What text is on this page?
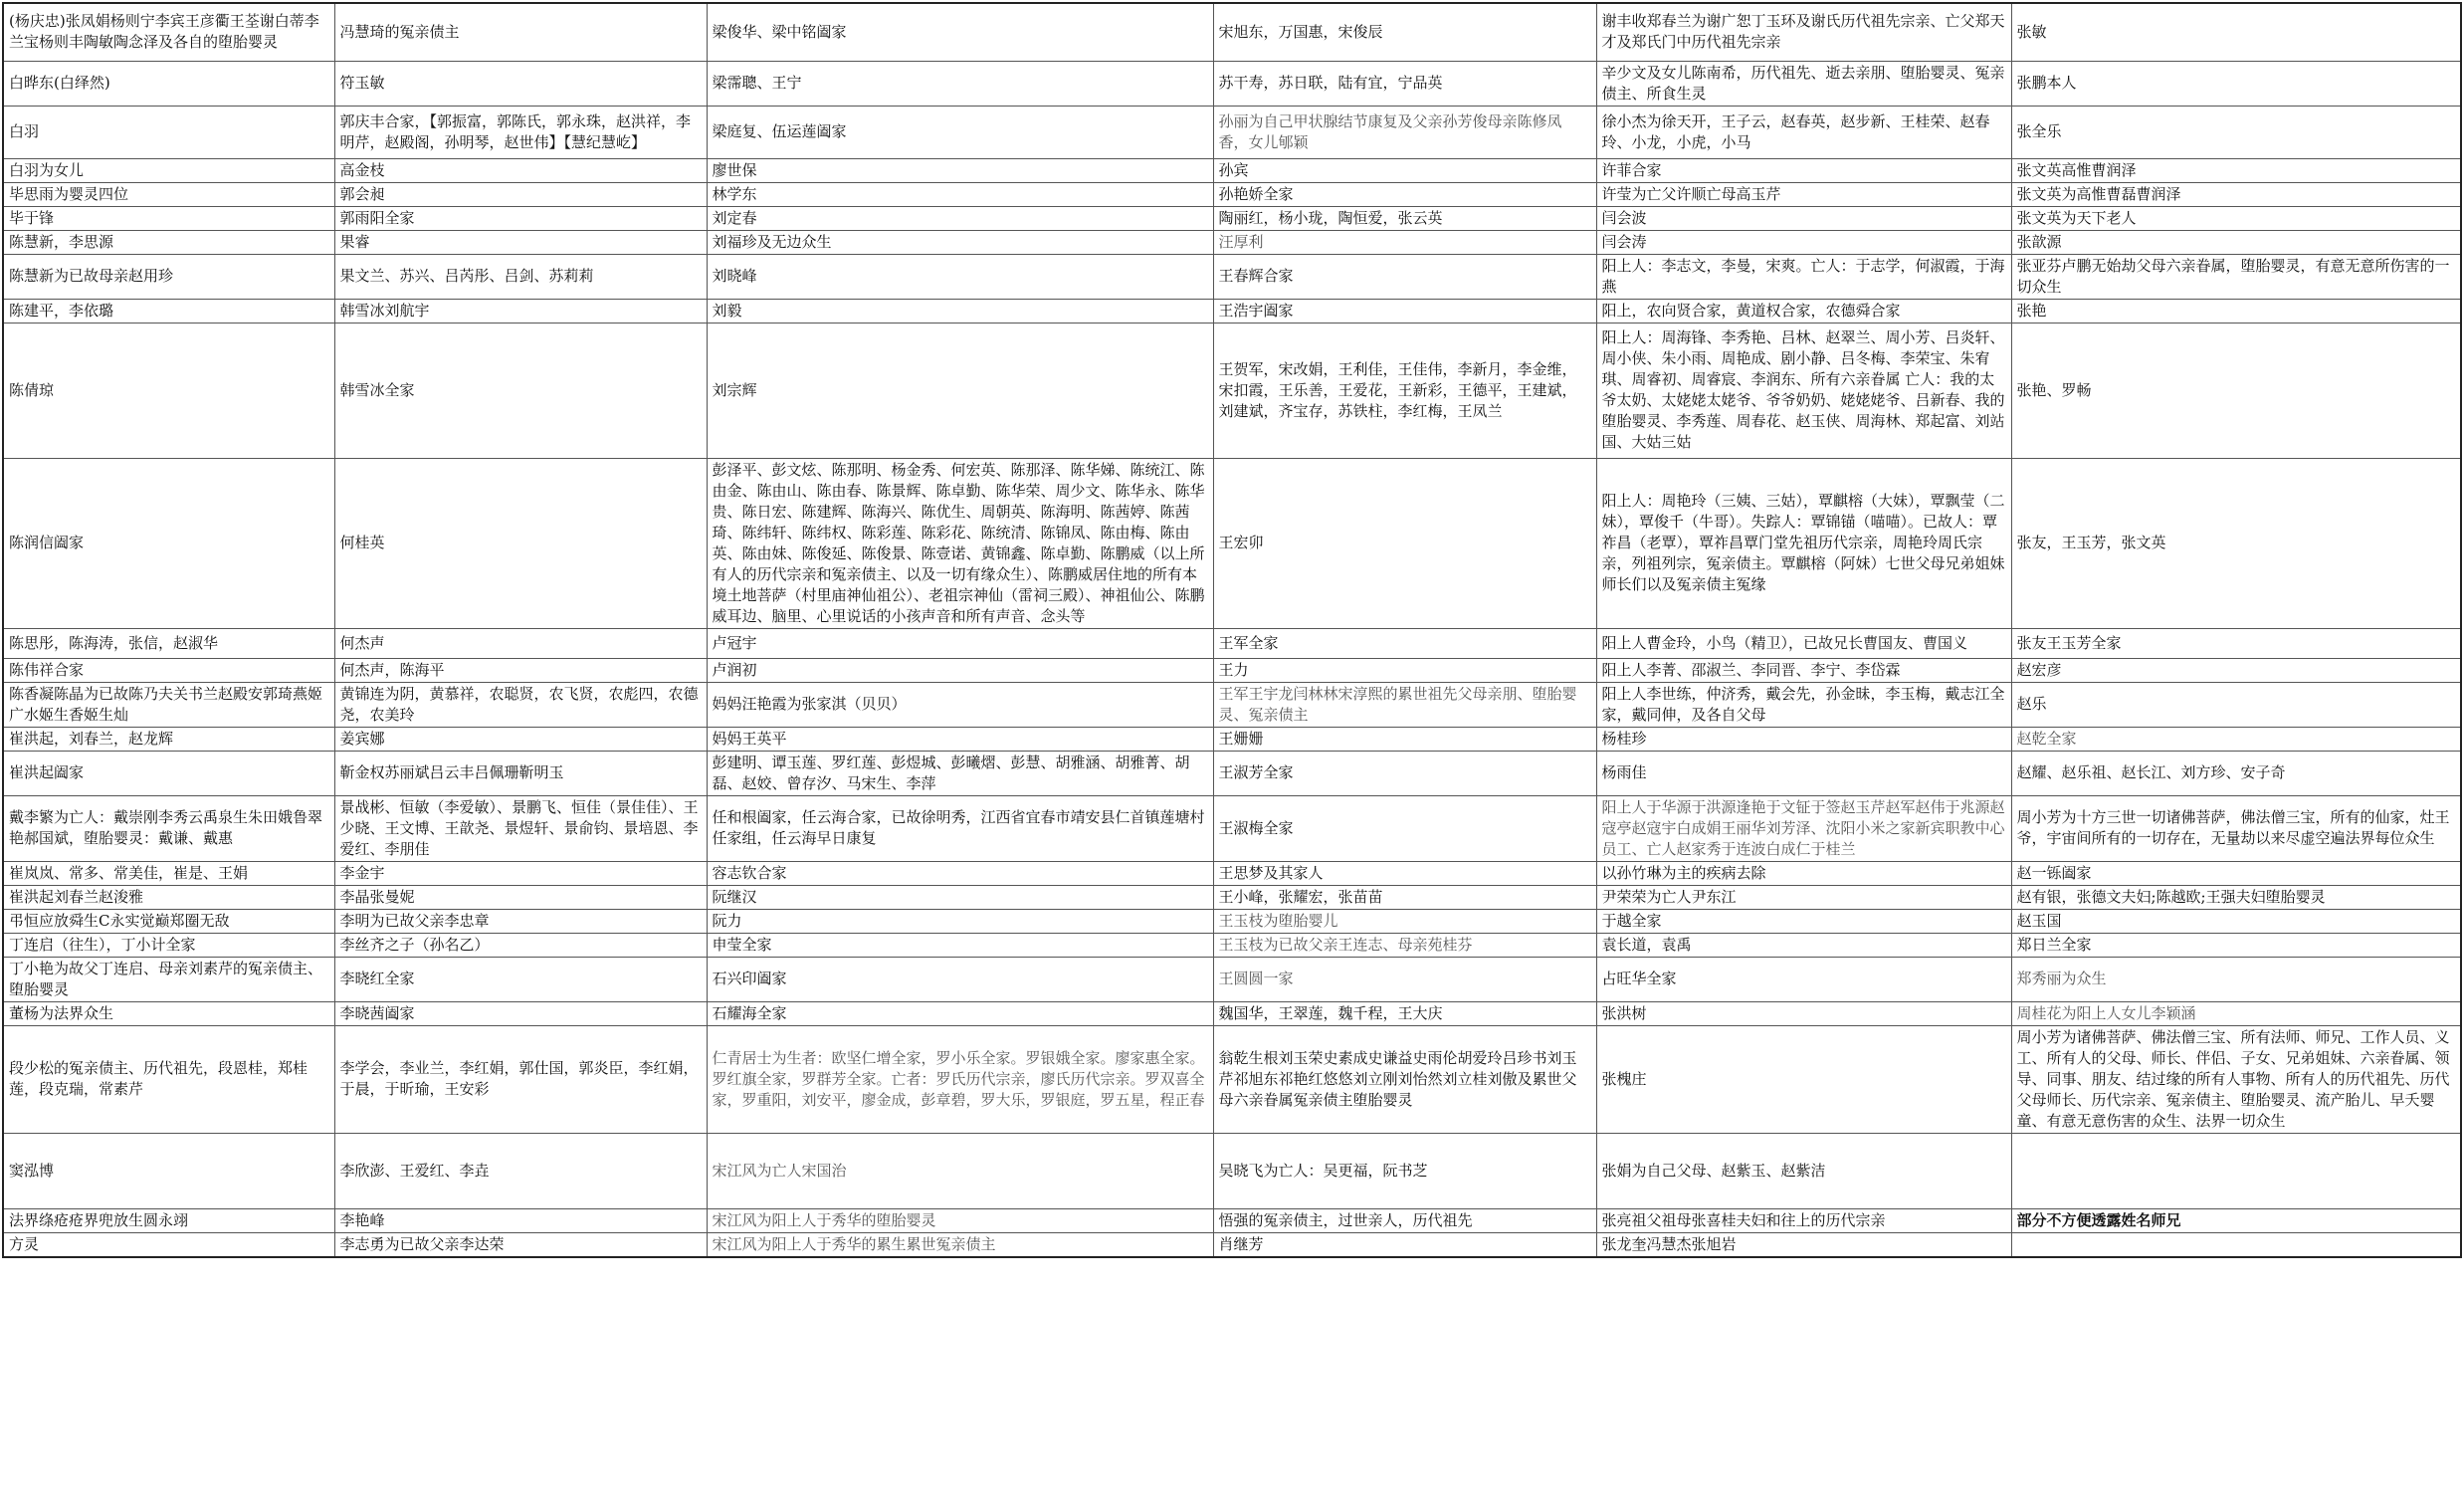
(杨庆忠)张凤娟杨则宁李宾王彦衢王荃谢白蒂李兰宝杨则丰陶敏陶念泽及各自的堕胎婴灵	冯慧琦的冤亲债主	梁俊华、梁中铭阖家	宋旭东，万国惠，宋俊辰	谢丰收郑春兰为谢广恕丁玉环及谢氏历代祖先宗亲、亡父郑天才及郑氏门中历代祖先宗亲	张敏
白晔东(白绎然)	符玉敏	梁霈聰、王宁	苏干寿，苏日联，陆有宜，宁品英	辛少文及女儿陈南希，历代祖先、逝去亲朋、堕胎婴灵、冤亲债主、所食生灵	张鹏本人
白羽	郭庆丰合家，【郭振富，郭陈氏，郭永珠，赵洪祥，李明芹，赵殿阁，孙明琴，赵世伟】【慧纪慧屹】	梁庭复、伍运莲阖家	孙丽为自己甲状腺结节康复及父亲孙芳俊母亲陈修凤香，女儿郇颖	徐小杰为徐天开，王子云，赵春英，赵步新、王桂荣、赵春玲、小龙，小虎，小马	张全乐
白羽为女儿	高金枝	廖世保	孙宾	许菲合家	张文英高惟曹润泽
毕思雨为婴灵四位	郭会昶	林学东	孙艳娇全家	许莹为亡父许顺亡母高玉芹	张文英为高惟曹磊曹润泽
毕于锋	郭雨阳全家	刘定春	陶丽红，杨小珑，陶恒爱，张云英	闫会波	张文英为天下老人
陈慧新，李思源	果睿	刘福珍及无边众生	汪厚利	闫会涛	张歆源
陈慧新为已故母亲赵用珍	果文兰、苏兴、吕芮彤、吕剑、苏莉莉	刘晓峰	王春辉合家	阳上人：李志文，李曼，宋爽。亡人：于志学，何淑霞，于海燕	张亚芬卢鹏无始劫父母六亲眷属，堕胎婴灵，有意无意所伤害的一切众生
陈建平，李依璐	韩雪冰刘航宇	刘毅	王浩宇阖家	阳上，农向贤合家，黄道权合家，农德舜合家	张艳
陈倩琼	韩雪冰全家	刘宗辉	王贺军，宋改娟，王利佳，王佳伟，李新月，李金维，宋扣霞，王乐善，王爱花，王新彩，王德平，王建斌，刘建斌，齐宝存，苏铁柱，李红梅，王凤兰	阳上人：周海锋、李秀艳、吕林、赵翠兰、周小芳、吕炎轩、周小侠、朱小雨、周艳成、剧小静、吕冬梅、李荣宝、朱宥琪、周睿初、周睿宸、李润东、所有六亲眷属 亡人：我的太爷太奶、太姥姥太姥爷、爷爷奶奶、姥姥姥爷、吕新春、我的堕胎婴灵、李秀莲、周春花、赵玉侠、周海林、郑起富、刘站国、大姑三姑	张艳、罗畅
陈润信阖家	何桂英	彭泽平、彭文炫、陈那明、杨金秀、何宏英、陈那泽、陈华娣、陈统江、陈由金、陈由山、陈由春、陈景辉、陈卓勤、陈华荣、周少文、陈华永、陈华贵、陈日宏、陈建辉、陈海兴、陈优生、周朝英、陈海明、陈茜婷、陈茜琦、陈纬轩、陈纬权、陈彩莲、陈彩花、陈统清、陈锦凤、陈由梅、陈由英、陈由妹、陈俊延、陈俊景、陈壹诺、黄锦鑫、陈卓勤、陈鹏威（以上所有人的历代宗亲和冤亲债主、以及一切有缘众生）、陈鹏威居住地的所有本境土地菩萨（村里庙神仙祖公）、老祖宗神仙（雷祠三殿）、神祖仙公、陈鹏威耳边、脑里、心里说话的小孩声音和所有声音、念头等	王宏卯	阳上人：周艳玲（三姨、三姑），覃麒榕（大妹），覃飘莹（二妹），覃俊千（牛哥）。失踪人：覃锦锚（喵喵）。已故人：覃祚昌（老覃），覃祚昌覃门堂先祖历代宗亲，周艳玲周氏宗亲，列祖列宗，冤亲债主。覃麒榕（阿妹）七世父母兄弟姐妹师长们以及冤亲债主冤缘	张友，王玉芳，张文英
陈思彤，陈海涛，张信，赵淑华	何杰声	卢冠宇	王军全家	阳上人曹金玲，小鸟（精卫），已故兄长曹国友、曹国义	张友王玉芳全家
陈伟祥合家	何杰声，陈海平	卢润初	王力	阳上人李菁、邵淑兰、李同晋、李宁、李岱霖	赵宏彦
陈香凝陈晶为已故陈乃夫关书兰赵殿安郭琦燕姬广水姬生香姬生灿	黄锦连为阴，黄慕祥，农聪贤，农飞贤，农彪四，农德尧，农美玲	妈妈汪艳霞为张家淇（贝贝）	王军王宇龙闫林林宋淳熙的累世祖先父母亲朋、堕胎婴灵、冤亲债主	阳上人李世练，仲济秀，戴会先，孙金昧，李玉梅，戴志江全家，戴同伸，及各自父母	赵乐
崔洪起，刘春兰，赵龙辉	姜宾娜	妈妈王英平	王姗姗	杨桂珍	赵乾全家
崔洪起阖家	靳金权苏丽斌吕云丰吕佩珊靳明玉	彭建明、谭玉莲、罗红莲、彭煜城、彭曦熠、彭慧、胡雅涵、胡雅菁、胡磊、赵姣、曾存汐、马宋生、李萍	王淑芳全家	杨雨佳	赵耀、赵乐祖、赵长江、刘方珍、安子奇
戴李繁为亡人：戴崇刚李秀云禹泉生朱田娥鲁翠艳郝国斌，堕胎婴灵：戴谦、戴惠	景战彬、恒敏（李爱敏）、景鹏飞、恒佳（景佳佳）、王少晓、王文博、王歆尧、景煜轩、景俞钧、景培恩、李爱红、李朋佳	任和根阖家，任云海合家，已故徐明秀，江西省宜春市靖安县仁首镇莲塘村任家组，任云海早日康复	王淑梅全家	阳上人于华源于洪源逢艳于文钲于签赵玉芹赵军赵伟于兆源赵寇亭赵寇宇白成娟王丽华刘芳泽、沈阳小米之家新宾职教中心员工、亡人赵家秀于连波白成仁于桂兰	周小芳为十方三世一切诸佛菩萨，佛法僧三宝，所有的仙家，灶王爷，宇宙间所有的一切存在，无量劫以来尽虚空遍法界每位众生
崔岚岚、常多、常美佳，崔是、王娟	李金宇	容志钦合家	王思梦及其家人	以孙竹琳为主的疾病去除	赵一铄阖家
崔洪起刘春兰赵浚雅	李晶张曼妮	阮继汉	王小峰，张耀宏，张苗苗	尹荣荣为亡人尹东江	赵有银，张德文夫妇;陈越欧;王强夫妇堕胎婴灵
弔恒应放舜生C永实觉巅郑圈无敌	李明为已故父亲李忠章	阮力	王玉枝为堕胎婴儿	于越全家	赵玉国
丁连启（往生），丁小计全家	李丝齐之子（孙名乙）	申莹全家	王玉枝为已故父亲王连志、母亲苑桂芬	袁长道，袁禹	郑日兰全家
丁小艳为故父丁连启、母亲刘素芹的冤亲债主、堕胎婴灵	李晓红全家	石兴印阖家	王圆圆一家	占旺华全家	郑秀丽为众生
董杨为法界众生	李晓茜阖家	石耀海全家	魏国华，王翠莲，魏千程，王大庆	张洪树	周桂花为阳上人女儿李颖涵
段少松的冤亲债主、历代祖先，段恩桂，郑桂莲，段克瑞，常素芹	李学会，李业兰，李红娟，郭仕国，郭炎臣，李红娟，于晨，于昕瑜，王安彩	仁青居士为生者：欧坚仁增全家，罗小乐全家。罗银娥全家。廖家惠全家。罗红旗全家，罗群芳全家。亡者：罗氏历代宗亲，廖氏历代宗亲。罗双喜全家，罗重阳，刘安平，廖金成，彭章碧，罗大乐，罗银庭，罗五星，程正春	翁乾生根刘玉荣史素成史谦益史雨伦胡爱玲吕珍书刘玉芹祁旭东祁艳红悠悠刘立刚刘怡然刘立桂刘傲及累世父母六亲眷属冤亲债主堕胎婴灵	张槐庄	周小芳为诸佛菩萨、佛法僧三宝、所有法师、师兄、工作人员、义工、所有人的父母、师长、伴侣、子女、兄弟姐妹、六亲眷属、领导、同事、朋友、结过缘的所有人事物、所有人的历代祖先、历代父母师长、历代宗亲、冤亲债主、堕胎婴灵、流产胎儿、早夭婴童、有意无意伤害的众生、法界一切众生
窦泓博	李欣澎、王爱红、李垚	宋江风为亡人宋国治	吴晓飞为亡人：吴更福，阮书芝	张娟为自己父母、赵紫玉、赵紫洁	
法界绦疮疮界兜放生圆永翊	李艳峰	宋江风为阳上人于秀华的堕胎婴灵	悟强的冤亲债主，过世亲人，历代祖先	张亮祖父祖母张喜桂夫妇和往上的历代宗亲	部分不方便透露姓名师兄
方灵	李志勇为已故父亲李达荣	宋江风为阳上人于秀华的累生累世冤亲债主	肖继芳	张龙奎冯慧杰张旭岩	
